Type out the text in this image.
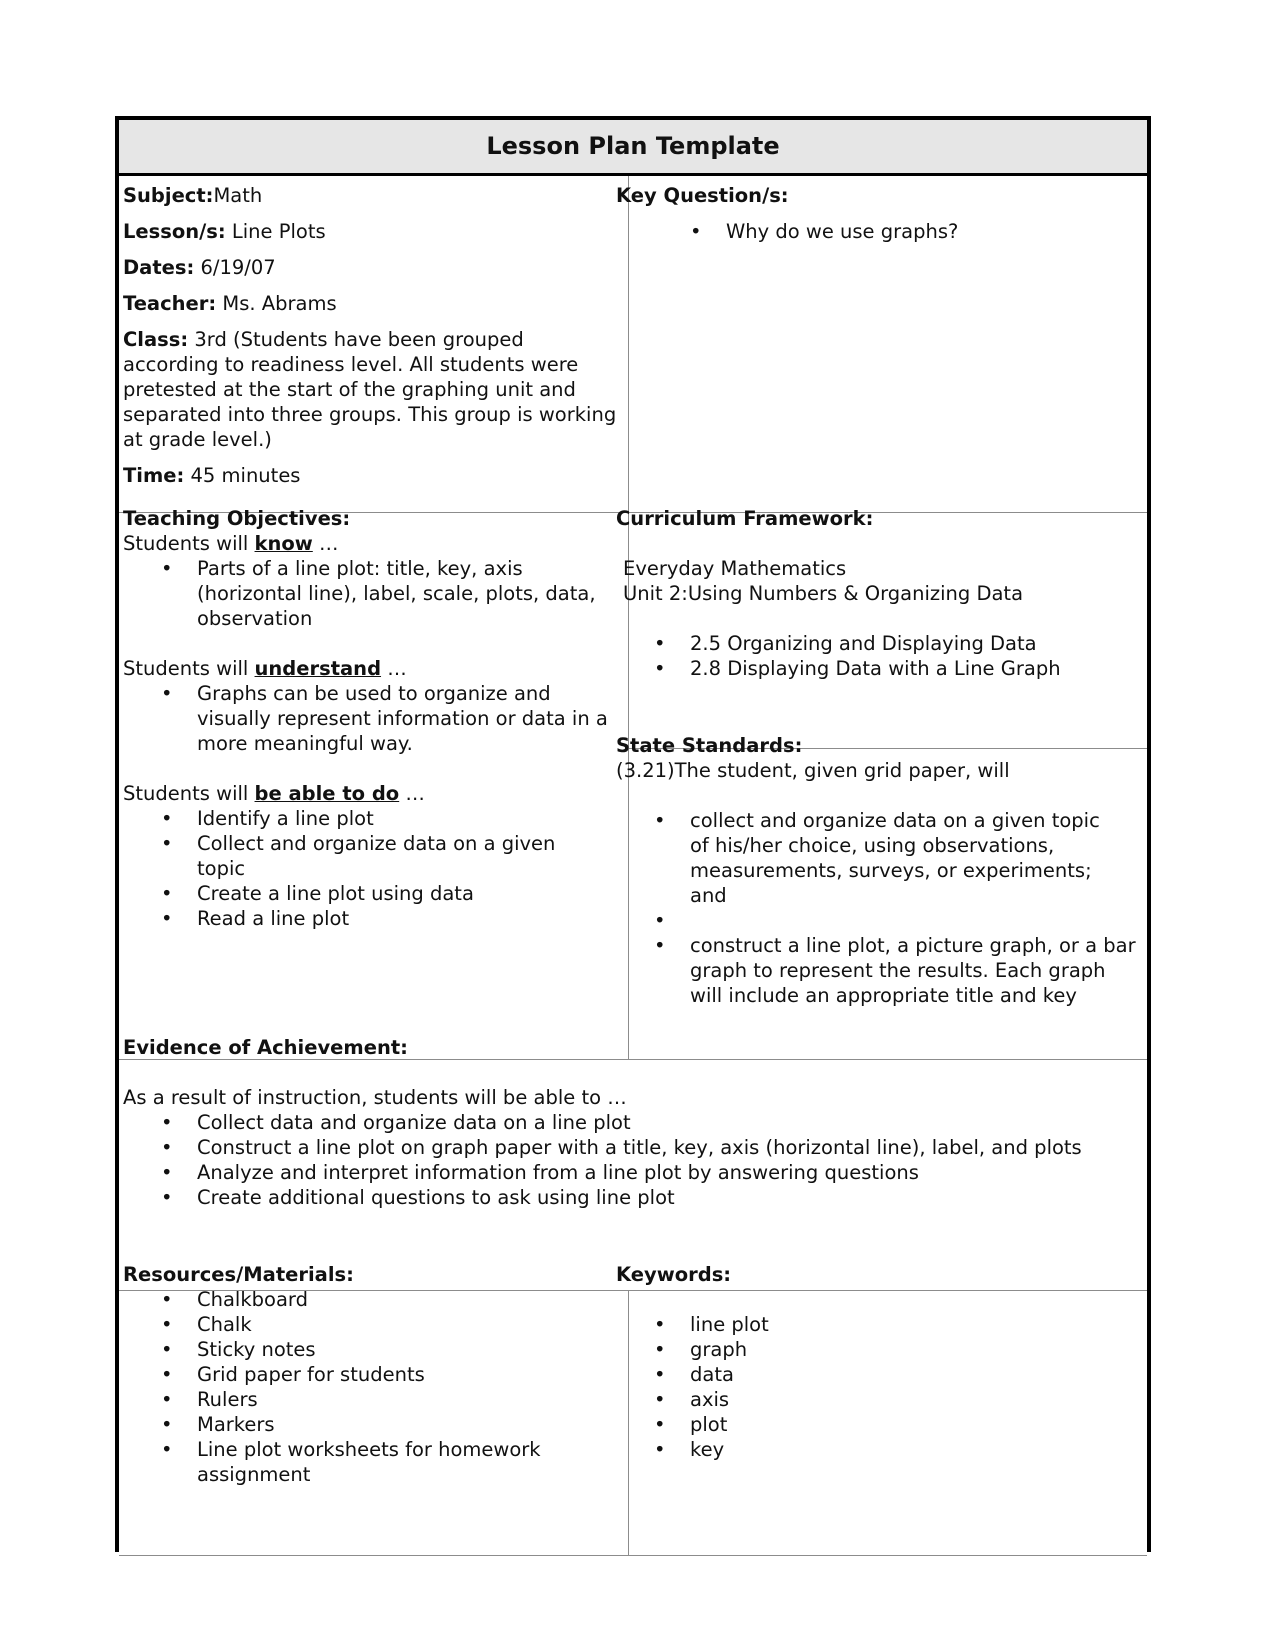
Lesson Plan Template

Subject:Math

Lesson/s: Line Plots

Dates: 6/19/07

Teacher: Ms. Abrams

Class: 3rd (Students have been grouped according to readiness level. All students were pretested at the start of the graphing unit and separated into three groups. This group is working at grade level.)

Time: 45 minutes

Key Question/s:

• Why do we use graphs?

Teaching Objectives:

Students will know …

• Parts of a line plot: title, key, axis (horizontal line), label, scale, plots, data, observation

Students will understand …

• Graphs can be used to organize and visually represent information or data in a more meaningful way.

Students will be able to do …

• Identify a line plot
• Collect and organize data on a given topic
• Create a line plot using data
• Read a line plot

Curriculum Framework:

Everyday Mathematics

Unit 2:Using Numbers & Organizing Data

• 2.5 Organizing and Displaying Data
• 2.8 Displaying Data with a Line Graph

State Standards:

(3.21)The student, given grid paper, will

• collect and organize data on a given topic of his/her choice, using observations, measurements, surveys, or experiments; and
•
• construct a line plot, a picture graph, or a bar graph to represent the results. Each graph will include an appropriate title and key

Evidence of Achievement:

As a result of instruction, students will be able to …

• Collect data and organize data on a line plot
• Construct a line plot on graph paper with a title, key, axis (horizontal line), label, and plots
• Analyze and interpret information from a line plot by answering questions
• Create additional questions to ask using line plot

Resources/Materials:

• Chalkboard
• Chalk
• Sticky notes
• Grid paper for students
• Rulers
• Markers
• Line plot worksheets for homework assignment

Keywords:

• line plot
• graph
• data
• axis
• plot
• key
